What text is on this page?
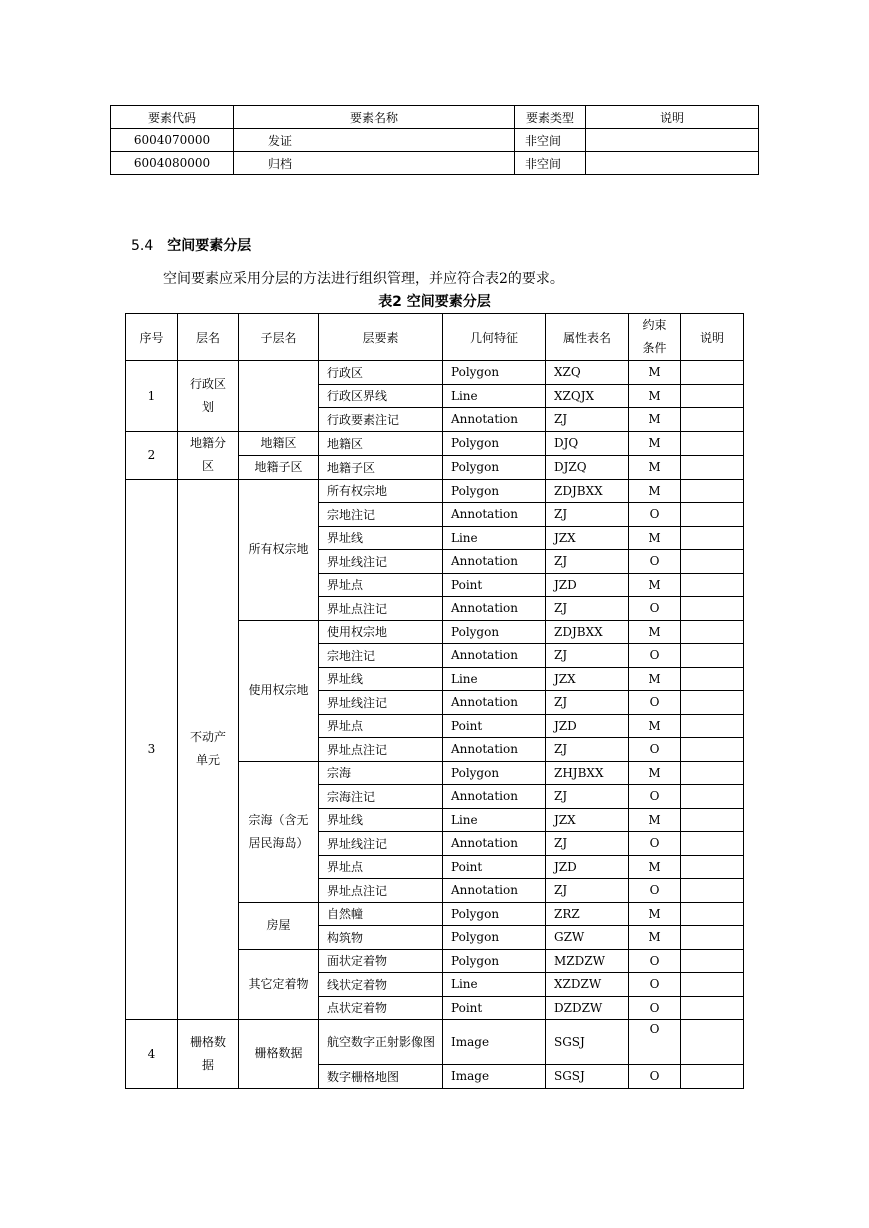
要素代码	要素名称	要素类型	说明
6004070000	发证	非空间	
6004080000	归档	非空间	
5.4 空间要素分层

空间要素应采用分层的方法进行组织管理，并应符合表2的要求。

表2 空间要素分层

序号	层名	子层名	层要素	几何特征	属性表名	约束条件	说明
1	行政区划		行政区	Polygon	XZQ	M	
			行政区界线	Line	XZQJX	M	
			行政要素注记	Annotation	ZJ	M	
2	地籍分区	地籍区	地籍区	Polygon	DJQ	M	
		地籍子区	地籍子区	Polygon	DJZQ	M	
3	不动产单元	所有权宗地	所有权宗地	Polygon	ZDJBXX	M	
			宗地注记	Annotation	ZJ	O	
			界址线	Line	JZX	M	
			界址线注记	Annotation	ZJ	O	
			界址点	Point	JZD	M	
			界址点注记	Annotation	ZJ	O	
		使用权宗地	使用权宗地	Polygon	ZDJBXX	M	
			宗地注记	Annotation	ZJ	O	
			界址线	Line	JZX	M	
			界址线注记	Annotation	ZJ	O	
			界址点	Point	JZD	M	
			界址点注记	Annotation	ZJ	O	
		宗海（含无居民海岛）	宗海	Polygon	ZHJBXX	M	
			宗海注记	Annotation	ZJ	O	
			界址线	Line	JZX	M	
			界址线注记	Annotation	ZJ	O	
			界址点	Point	JZD	M	
			界址点注记	Annotation	ZJ	O	
		房屋	自然幢	Polygon	ZRZ	M	
			构筑物	Polygon	GZW	M	
		其它定着物	面状定着物	Polygon	MZDZW	O	
			线状定着物	Line	XZDZW	O	
			点状定着物	Point	DZDZW	O	
4	栅格数据	栅格数据	航空数字正射影像图	Image	SGSJ	O	
			数字栅格地图	Image	SGSJ	O	
